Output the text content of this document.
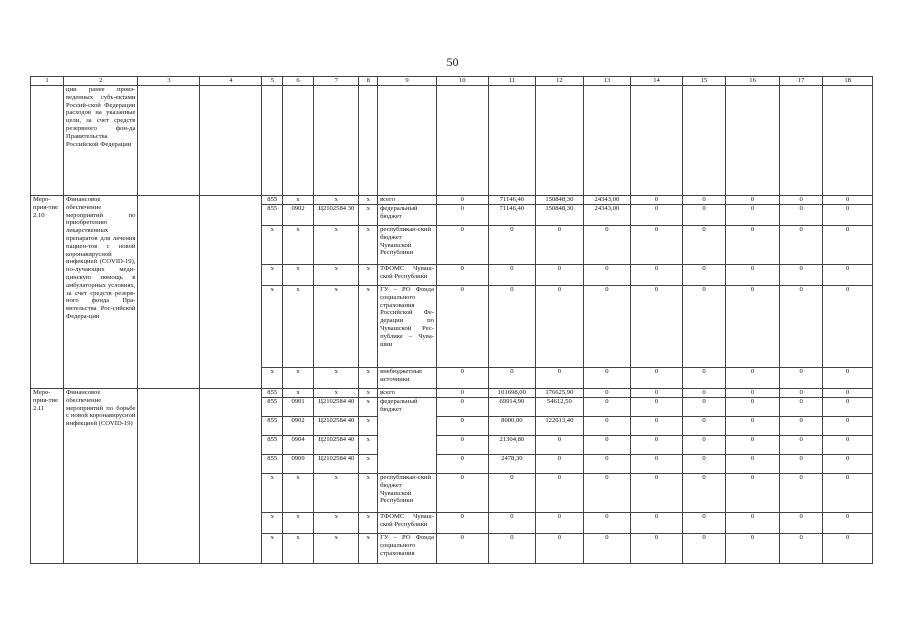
50
1	2	3	4	5	6	7	8	9	10	11	12	13	14	15	16	17	18
	ции ранее произ-веденных субъ-ектами Россий-ской Федерации расходов на указанные цели, за счет средств резервного фон-да Правительства Российской Федерации																
Меро-прия-тие 2.10	Финансовое обеспечение мероприятий по приобретению лекарственных препаратов для лечения пациен-тов с новой коронавирусной инфекцией (COVID-19), по-лучающих меди-цинскую помощь в амбулаторных условиях, за счет средств резерв-ного фонда Пра-вительства Рос-сийской Федера-ции			855	x	x	x	всего	0	71146,40	150848,30	24343,00	0	0	0	0	0
				855	0902	Ц2102584 30	x	федеральный бюджет	0	71146,40	150848,30	24343,00	0	0	0	0	0
				x	x	x	x	республикан-ский бюджет Чувашской Республики	0	0	0	0	0	0	0	0	0
				x	x	x	x	ТФОМС Чуваш-ской Республики	0	0	0	0	0	0	0	0	0
				x	x	x	x	ГУ – РО Фонда социального страхования Российской Фе-дерации по Чувашской Рес-публике – Чува-шии	0	0	0	0	0	0	0	0	0
				x	x	x	x	внебюджетные источники	0	0	0	0	0	0	0	0	0
Меро-прия-тие 2.11	Финансовое обеспечение мероприятий по борьбе с новой коронавирусной инфекцией (COVID-19)			855	x	x	x	всего	0	101698,00	176625,90	0	0	0	0	0	0
				855	0901	Ц2102584 40	x	федеральный бюджет	0	69914,90	54612,50	0	0	0	0	0	0
				855	0902	Ц2102584 40	x		0	8000,00	122013,40	0	0	0	0	0	0
				855	0904	Ц2102584 40	x		0	21304,80	0	0	0	0	0	0	0
				855	0909	Ц2102584 40	x		0	2478,30	0	0	0	0	0	0	0
				x	x	x	x	республикан-ский бюджет Чувашской Республики	0	0	0	0	0	0	0	0	0
				x	x	x	x	ТФОМС Чуваш-ской Республики	0	0	0	0	0	0	0	0	0
				x	x	x	x	ГУ – РО Фонда социального страхования	0	0	0	0	0	0	0	0	0
